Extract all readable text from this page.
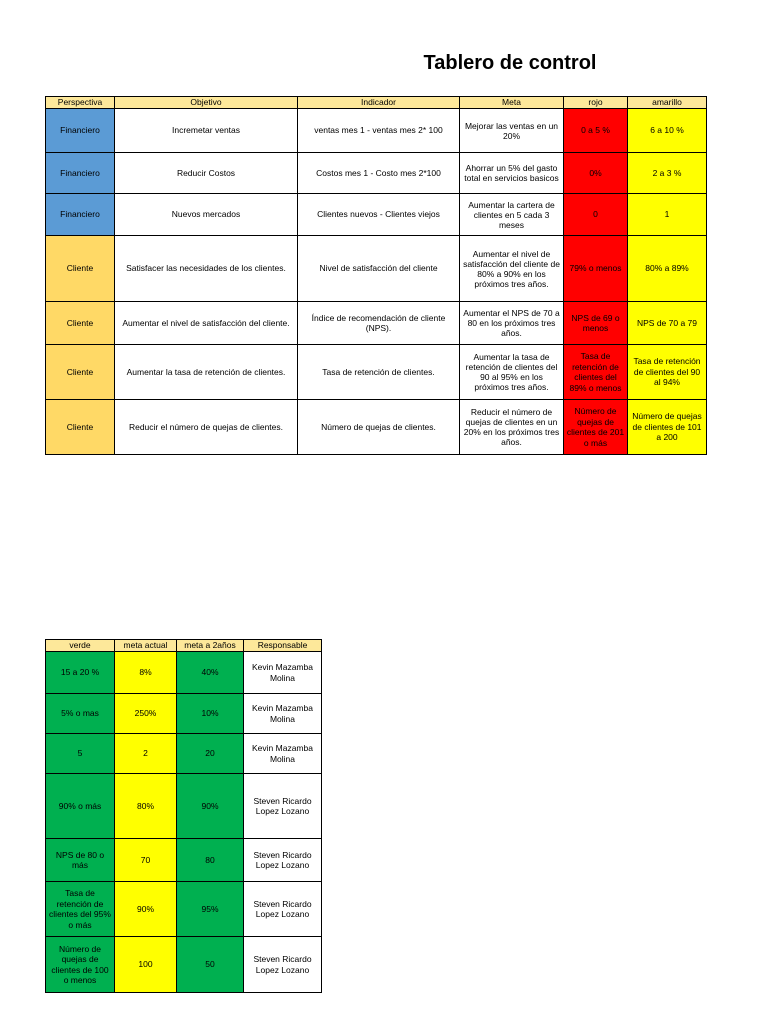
Tablero de control
Perspectiva	Objetivo	Indicador	Meta	rojo	amarillo
Financiero	Incremetar ventas	ventas mes 1 - ventas mes 2* 100	Mejorar las ventas en un 20%	0 a 5 %	6 a 10 %
Financiero	Reducir Costos	Costos mes 1 - Costo mes 2*100	Ahorrar un 5% del gasto total en servicios basicos	0%	2 a 3 %
Financiero	Nuevos mercados	Clientes nuevos - Clientes viejos	Aumentar la cartera de clientes en 5 cada 3 meses	0	1
Cliente	Satisfacer las necesidades de los clientes.	Nivel de satisfacción del cliente	Aumentar el nivel de satisfacción del cliente de 80% a 90% en los próximos tres años.	79% o menos	80% a 89%
Cliente	Aumentar el nivel de satisfacción del cliente.	Índice de recomendación de cliente (NPS).	Aumentar el NPS de 70 a 80 en los próximos tres años.	NPS de 69 o menos	NPS de 70 a 79
Cliente	Aumentar la tasa de retención de clientes.	Tasa de retención de clientes.	Aumentar la tasa de retención de clientes del 90 al 95% en los próximos tres años.	Tasa de retención de clientes del 89% o menos	Tasa de retención de clientes del 90 al 94%
Cliente	Reducir el número de quejas de clientes.	Número de quejas de clientes.	Reducir el número de quejas de clientes en un 20% en los próximos tres años.	Número de quejas de clientes de 201 o más	Número de quejas de clientes de 101 a 200
verde	meta actual	meta a 2años	Responsable
15 a 20 %	8%	40%	Kevin Mazamba Molina
5% o mas	250%	10%	Kevin Mazamba Molina
5	2	20	Kevin Mazamba Molina
90% o más	80%	90%	Steven Ricardo Lopez Lozano
NPS de 80 o más	70	80	Steven Ricardo Lopez Lozano
Tasa de retención de clientes del 95% o más	90%	95%	Steven Ricardo Lopez Lozano
Número de quejas de clientes de 100 o menos	100	50	Steven Ricardo Lopez Lozano
